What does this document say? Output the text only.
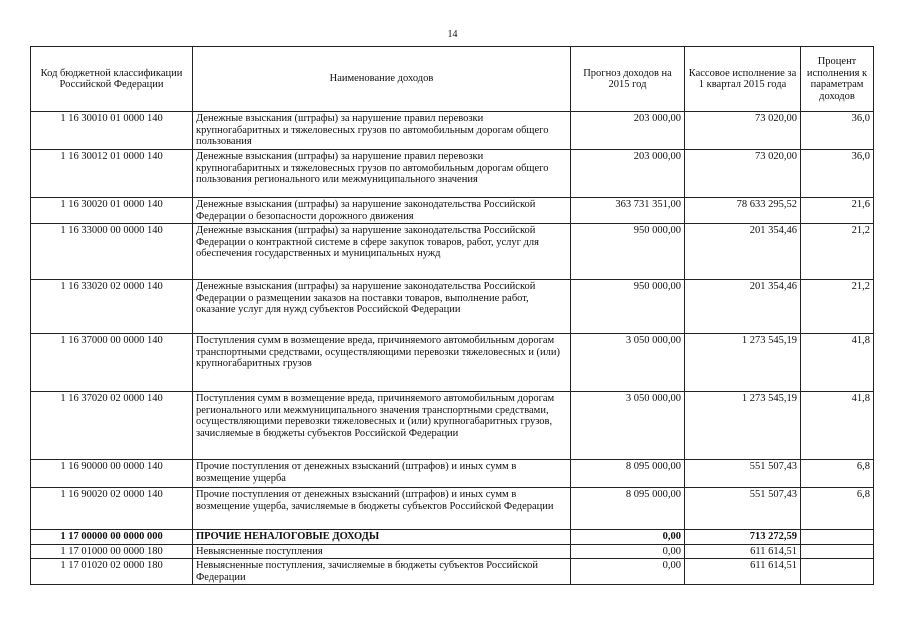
14
Код бюджетной классификации Российской Федерации	Наименование доходов	Прогноз доходов на 2015 год	Кассовое исполнение за 1 квартал 2015 года	Процент исполнения к параметрам доходов
1 16 30010 01 0000 140	Денежные взыскания (штрафы) за нарушение правил перевозки крупногабаритных и тяжеловесных грузов по автомобильным дорогам общего пользования	203 000,00	73 020,00	36,0
1 16 30012 01 0000 140	Денежные взыскания (штрафы) за нарушение правил перевозки крупногабаритных и тяжеловесных грузов по автомобильным дорогам общего пользования регионального или межмуниципального значения	203 000,00	73 020,00	36,0
1 16 30020 01 0000 140	Денежные взыскания (штрафы) за нарушение законодательства Российской Федерации о безопасности дорожного движения	363 731 351,00	78 633 295,52	21,6
1 16 33000 00 0000 140	Денежные взыскания (штрафы) за нарушение законодательства Российской Федерации о контрактной системе в сфере закупок товаров, работ, услуг для обеспечения государственных и муниципальных нужд	950 000,00	201 354,46	21,2
1 16 33020 02 0000 140	Денежные взыскания (штрафы) за нарушение законодательства Российской Федерации о размещении заказов на поставки товаров, выполнение работ, оказание услуг для нужд субъектов Российской Федерации	950 000,00	201 354,46	21,2
1 16 37000 00 0000 140	Поступления сумм в возмещение вреда, причиняемого автомобильным дорогам транспортными средствами, осуществляющими перевозки тяжеловесных и (или) крупногабаритных грузов	3 050 000,00	1 273 545,19	41,8
1 16 37020 02 0000 140	Поступления сумм в возмещение вреда, причиняемого автомобильным дорогам регионального или межмуниципального значения транспортными средствами, осуществляющими перевозки тяжеловесных и (или) крупногабаритных грузов, зачисляемые в бюджеты субъектов Российской Федерации	3 050 000,00	1 273 545,19	41,8
1 16 90000 00 0000 140	Прочие поступления от денежных взысканий (штрафов) и иных сумм в возмещение ущерба	8 095 000,00	551 507,43	6,8
1 16 90020 02 0000 140	Прочие поступления от денежных взысканий (штрафов) и иных сумм в возмещение ущерба, зачисляемые в бюджеты субъектов Российской Федерации	8 095 000,00	551 507,43	6,8
1 17 00000 00 0000 000	ПРОЧИЕ НЕНАЛОГОВЫЕ ДОХОДЫ	0,00	713 272,59	
1 17 01000 00 0000 180	Невыясненные поступления	0,00	611 614,51	
1 17 01020 02 0000 180	Невыясненные поступления, зачисляемые в бюджеты субъектов Российской Федерации	0,00	611 614,51	
